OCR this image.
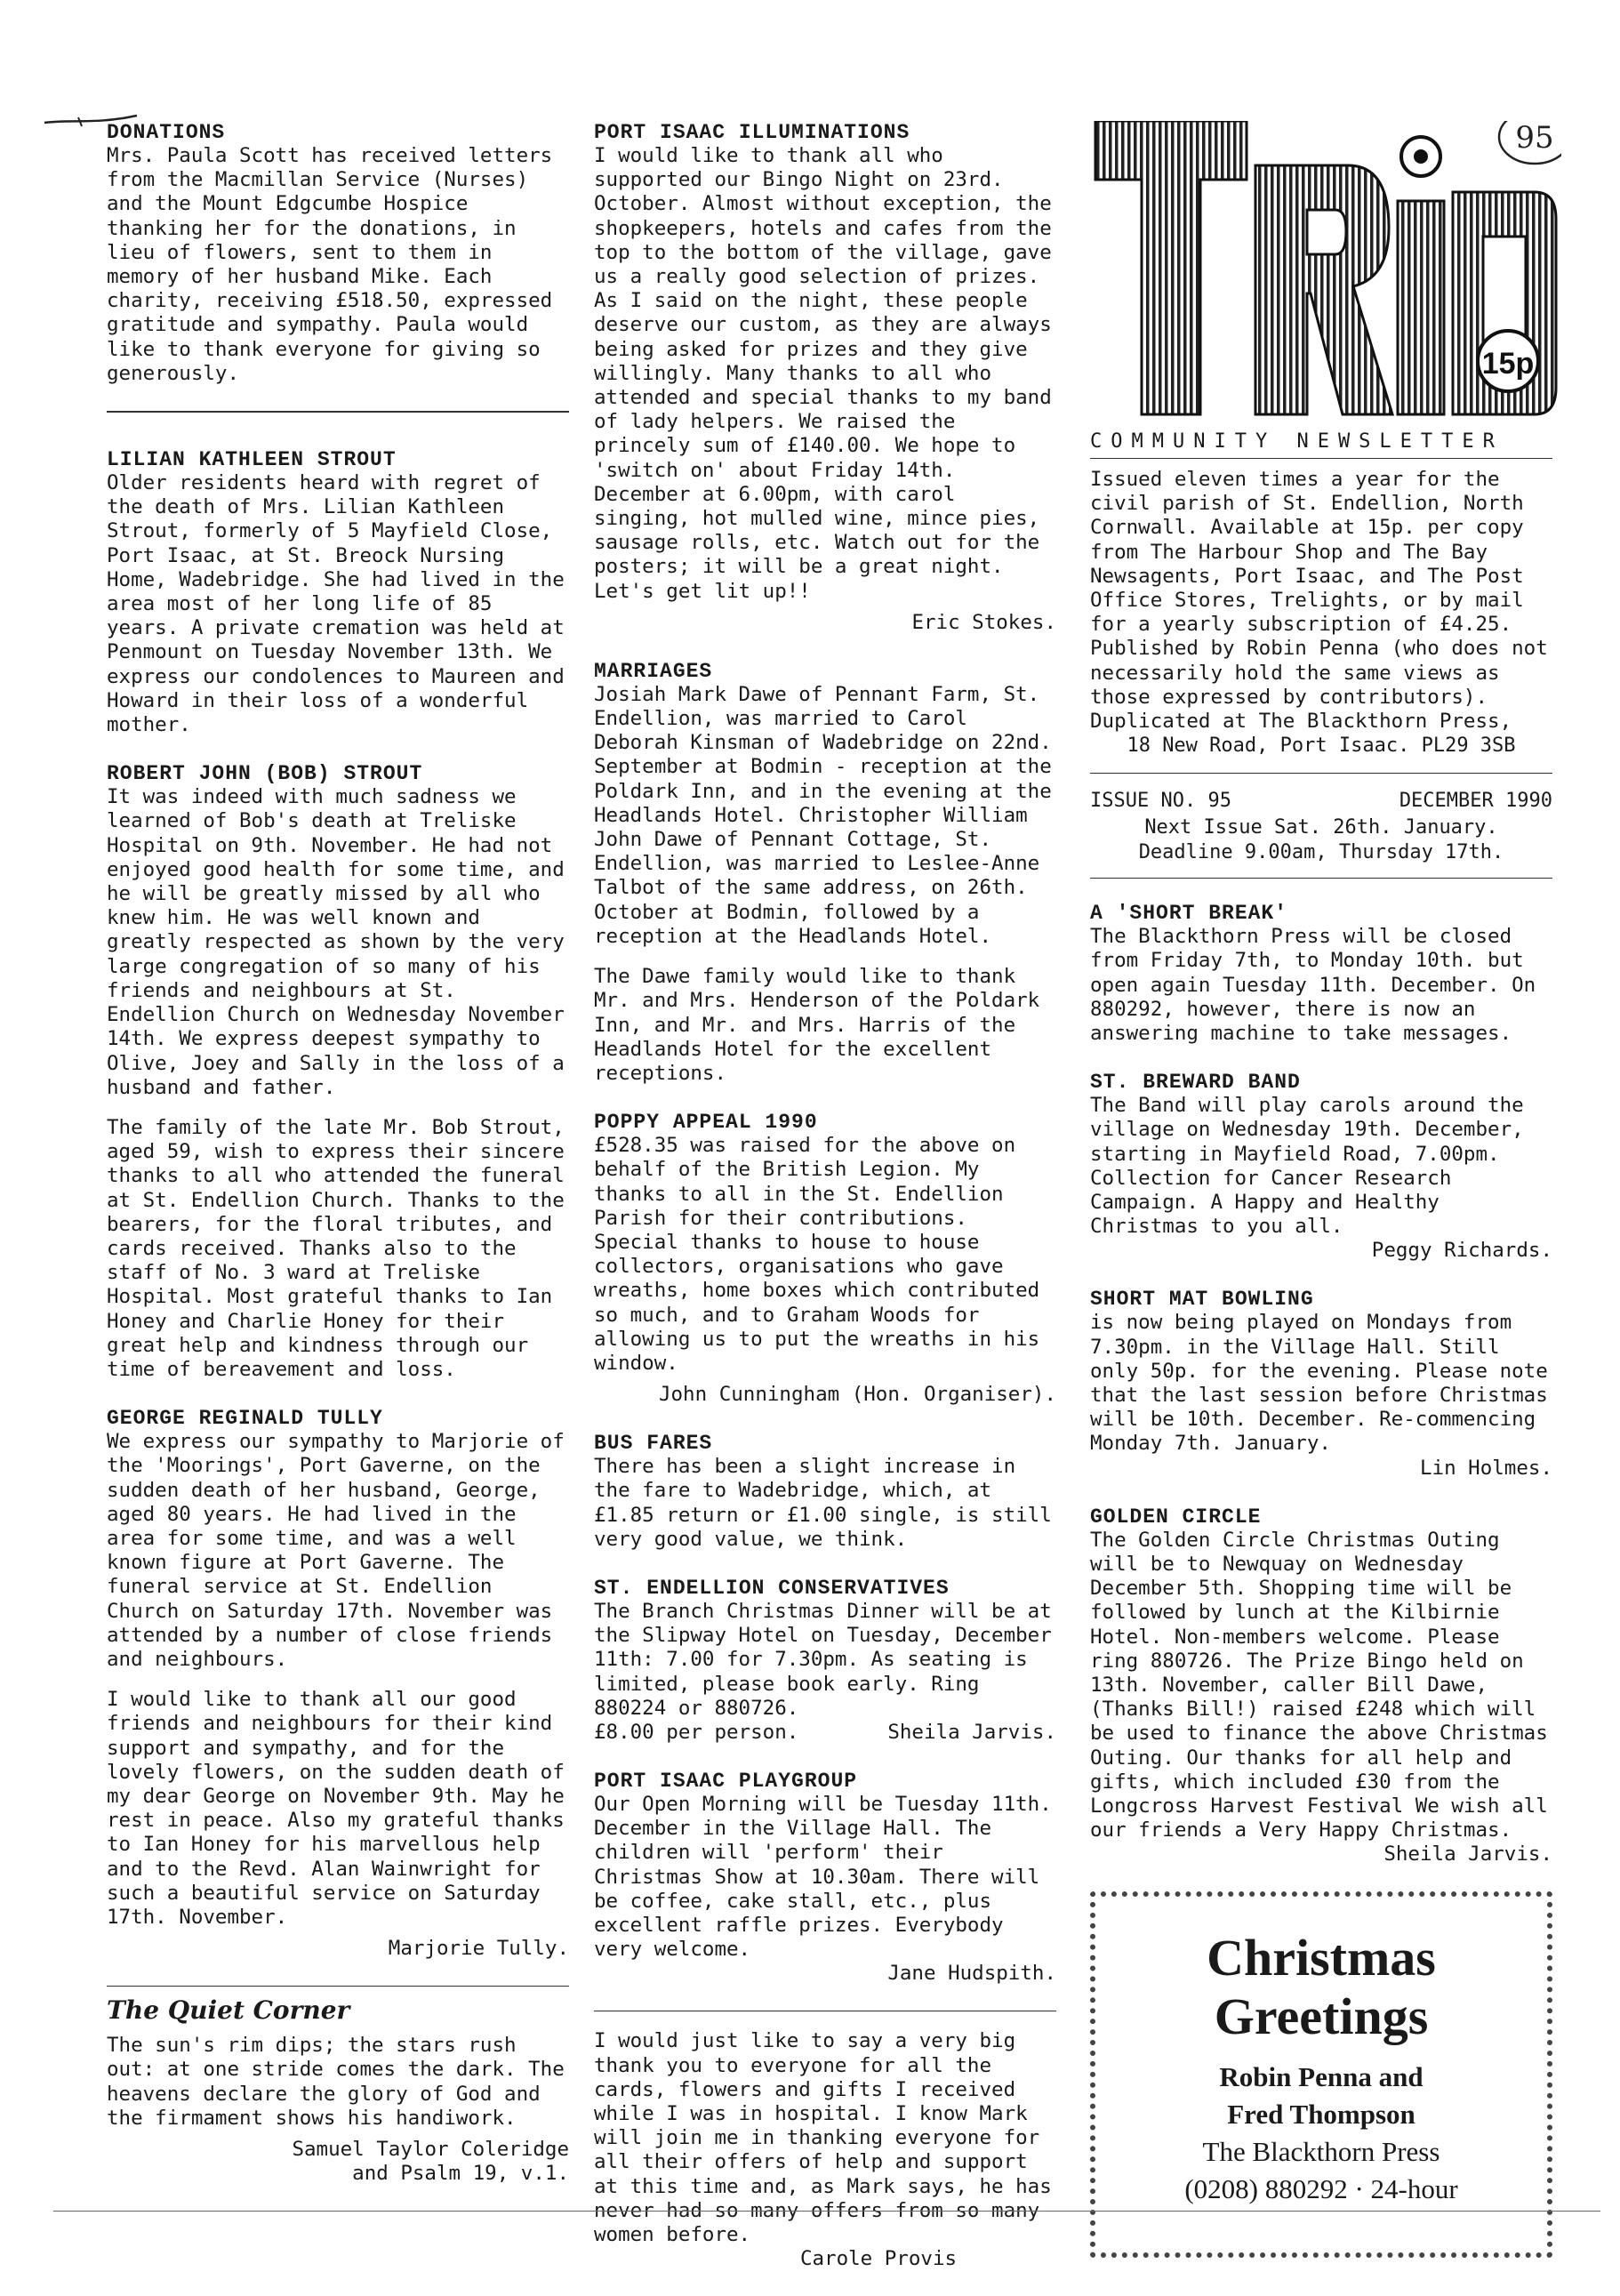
DONATIONS

Mrs. Paula Scott has received letters from the Macmillan Service (Nurses) and the Mount Edgcumbe Hospice thanking her for the donations, in lieu of flowers, sent to them in memory of her husband Mike. Each charity, receiving £518.50, expressed gratitude and sympathy. Paula would like to thank everyone for giving so generously.

LILIAN KATHLEEN STROUT

Older residents heard with regret of the death of Mrs. Lilian Kathleen Strout, formerly of 5 Mayfield Close, Port Isaac, at St. Breock Nursing Home, Wadebridge. She had lived in the area most of her long life of 85 years. A private cremation was held at Penmount on Tuesday November 13th. We express our condolences to Maureen and Howard in their loss of a wonderful mother.

ROBERT JOHN (BOB) STROUT

It was indeed with much sadness we learned of Bob's death at Treliske Hospital on 9th. November. He had not enjoyed good health for some time, and he will be greatly missed by all who knew him. He was well known and greatly respected as shown by the very large congregation of so many of his friends and neighbours at St. Endellion Church on Wednesday November 14th. We express deepest sympathy to Olive, Joey and Sally in the loss of a husband and father.

The family of the late Mr. Bob Strout, aged 59, wish to express their sincere thanks to all who attended the funeral at St. Endellion Church. Thanks to the bearers, for the floral tributes, and cards received. Thanks also to the staff of No. 3 ward at Treliske Hospital. Most grateful thanks to Ian Honey and Charlie Honey for their great help and kindness through our time of bereavement and loss.

GEORGE REGINALD TULLY

We express our sympathy to Marjorie of the 'Moorings', Port Gaverne, on the sudden death of her husband, George, aged 80 years. He had lived in the area for some time, and was a well known figure at Port Gaverne. The funeral service at St. Endellion Church on Saturday 17th. November was attended by a number of close friends and neighbours.

I would like to thank all our good friends and neighbours for their kind support and sympathy, and for the lovely flowers, on the sudden death of my dear George on November 9th. May he rest in peace. Also my grateful thanks to Ian Honey for his marvellous help and to the Revd. Alan Wainwright for such a beautiful service on Saturday 17th. November.

Marjorie Tully.

The Quiet Corner

The sun's rim dips; the stars rush out: at one stride comes the dark. The heavens declare the glory of God and the firmament shows his handiwork.

Samuel Taylor Coleridge

and Psalm 19, v.1.

PORT ISAAC ILLUMINATIONS

I would like to thank all who supported our Bingo Night on 23rd. October. Almost without exception, the shopkeepers, hotels and cafes from the top to the bottom of the village, gave us a really good selection of prizes. As I said on the night, these people deserve our custom, as they are always being asked for prizes and they give willingly. Many thanks to all who attended and special thanks to my band of lady helpers. We raised the princely sum of £140.00. We hope to 'switch on' about Friday 14th. December at 6.00pm, with carol singing, hot mulled wine, mince pies, sausage rolls, etc. Watch out for the posters; it will be a great night. Let's get lit up!!

Eric Stokes.

MARRIAGES

Josiah Mark Dawe of Pennant Farm, St. Endellion, was married to Carol Deborah Kinsman of Wadebridge on 22nd. September at Bodmin - reception at the Poldark Inn, and in the evening at the Headlands Hotel. Christopher William John Dawe of Pennant Cottage, St. Endellion, was married to Leslee-Anne Talbot of the same address, on 26th. October at Bodmin, followed by a reception at the Headlands Hotel.

The Dawe family would like to thank Mr. and Mrs. Henderson of the Poldark Inn, and Mr. and Mrs. Harris of the Headlands Hotel for the excellent receptions.

POPPY APPEAL 1990

£528.35 was raised for the above on behalf of the British Legion. My thanks to all in the St. Endellion Parish for their contributions. Special thanks to house to house collectors, organisations who gave wreaths, home boxes which contributed so much, and to Graham Woods for allowing us to put the wreaths in his window.

John Cunningham (Hon. Organiser).

BUS FARES

There has been a slight increase in the fare to Wadebridge, which, at £1.85 return or £1.00 single, is still very good value, we think.

ST. ENDELLION CONSERVATIVES

The Branch Christmas Dinner will be at the Slipway Hotel on Tuesday, December 11th: 7.00 for 7.30pm. As seating is limited, please book early. Ring 880224 or 880726.

£8.00 per person.	Sheila Jarvis.
PORT ISAAC PLAYGROUP

Our Open Morning will be Tuesday 11th. December in the Village Hall. The children will 'perform' their Christmas Show at 10.30am. There will be coffee, cake stall, etc., plus excellent raffle prizes. Everybody very welcome.

Jane Hudspith.

I would just like to say a very big thank you to everyone for all the cards, flowers and gifts I received while I was in hospital. I know Mark will join me in thanking everyone for all their offers of help and support at this time and, as Mark says, he has never had so many offers from so many women before.

Carole Provis

15p
95
COMMUNITY NEWSLETTER

Issued eleven times a year for the civil parish of St. Endellion, North Cornwall. Available at 15p. per copy from The Harbour Shop and The Bay Newsagents, Port Isaac, and The Post Office Stores, Trelights, or by mail for a yearly subscription of £4.25. Published by Robin Penna (who does not necessarily hold the same views as those expressed by contributors). Duplicated at The Blackthorn Press,

18 New Road, Port Isaac. PL29 3SB

ISSUE NO. 95	DECEMBER 1990

Next Issue Sat. 26th. January.

Deadline 9.00am, Thursday 17th.

A 'SHORT BREAK'

The Blackthorn Press will be closed from Friday 7th, to Monday 10th. but open again Tuesday 11th. December. On 880292, however, there is now an answering machine to take messages.

ST. BREWARD BAND

The Band will play carols around the village on Wednesday 19th. December, starting in Mayfield Road, 7.00pm. Collection for Cancer Research Campaign. A Happy and Healthy Christmas to you all.

Peggy Richards.

SHORT MAT BOWLING

is now being played on Mondays from 7.30pm. in the Village Hall. Still only 50p. for the evening. Please note that the last session before Christmas will be 10th. December. Re-commencing Monday 7th. January.

Lin Holmes.

GOLDEN CIRCLE

The Golden Circle Christmas Outing will be to Newquay on Wednesday December 5th. Shopping time will be followed by lunch at the Kilbirnie Hotel. Non-members welcome. Please ring 880726. The Prize Bingo held on 13th. November, caller Bill Dawe, (Thanks Bill!) raised £248 which will be used to finance the above Christmas Outing. Our thanks for all help and gifts, which included £30 from the Longcross Harvest Festival We wish all our friends a Very Happy Christmas.

Sheila Jarvis.

Christmas
Greetings

Robin Penna and

Fred Thompson

The Blackthorn Press

(0208) 880292 · 24-hour
